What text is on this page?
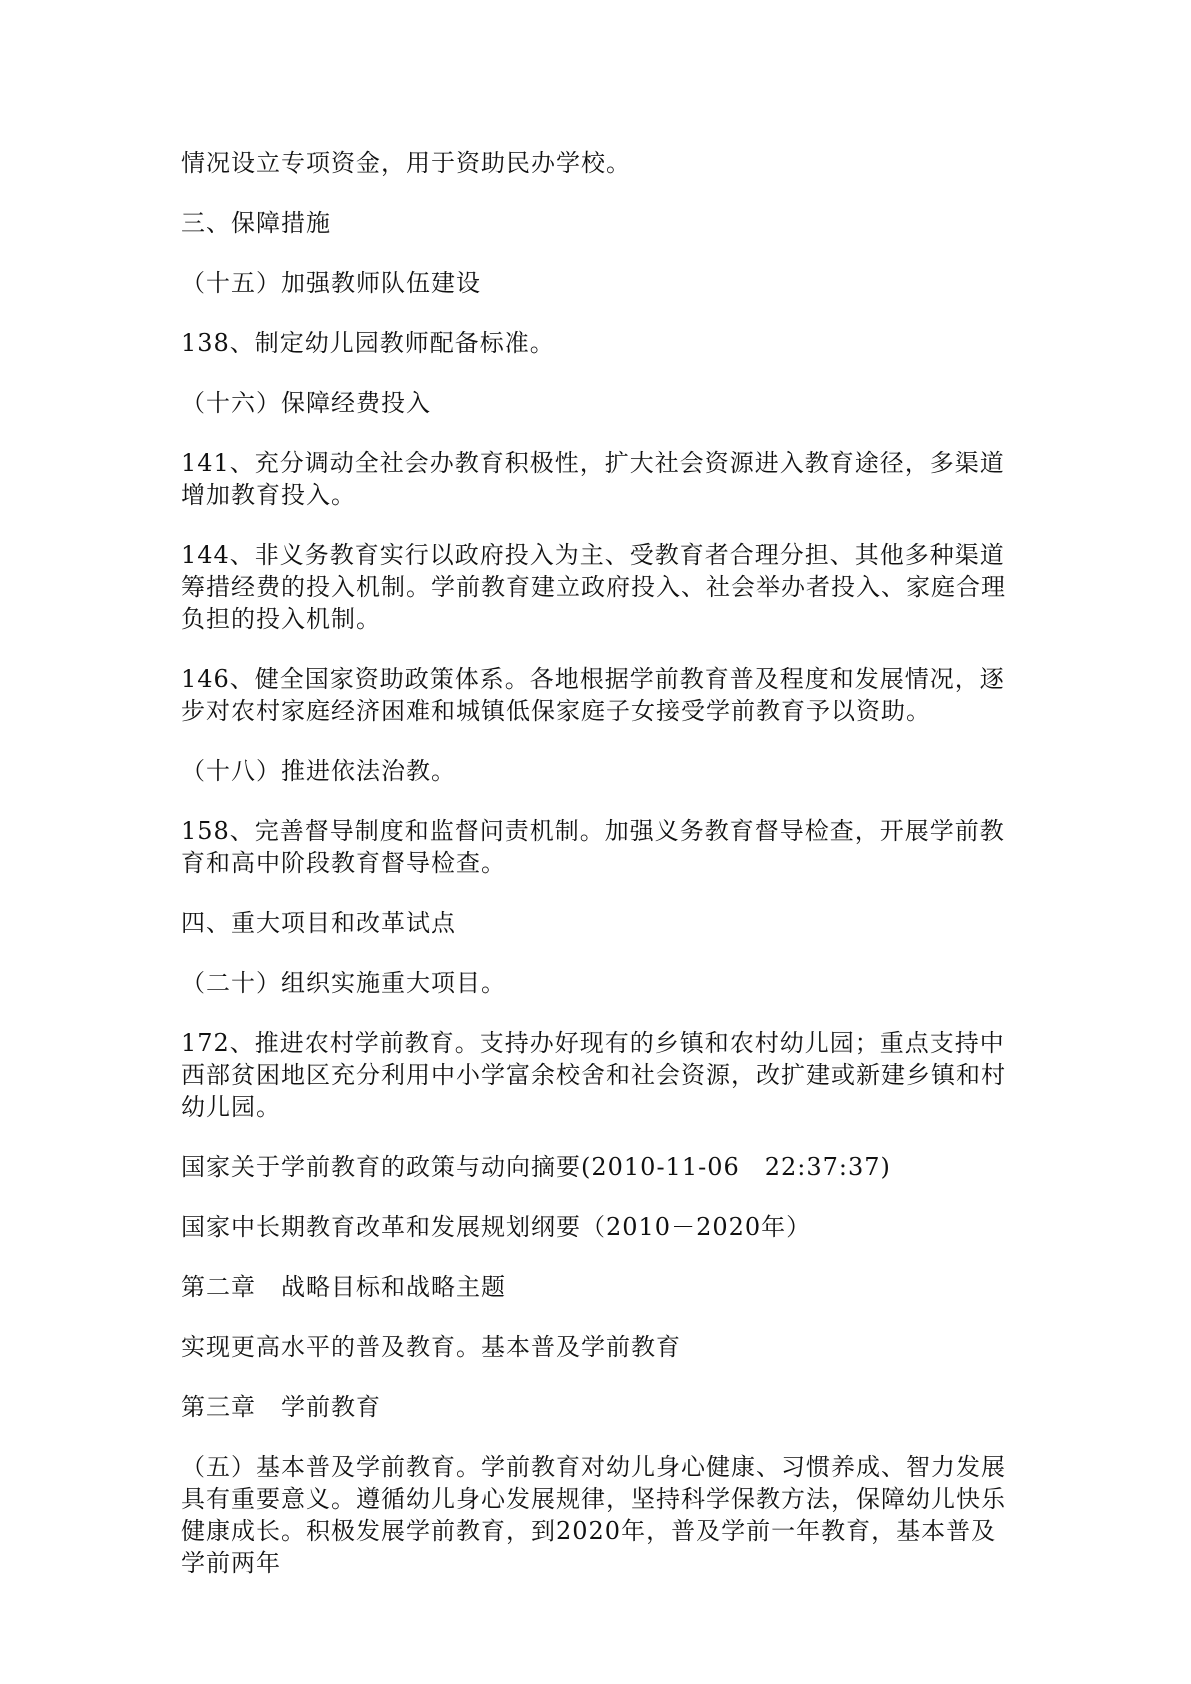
情况设立专项资金，用于资助民办学校。

三、保障措施

（十五）加强教师队伍建设

138、制定幼儿园教师配备标准。

（十六）保障经费投入

141、充分调动全社会办教育积极性，扩大社会资源进入教育途径，多渠道增加教育投入。

144、非义务教育实行以政府投入为主、受教育者合理分担、其他多种渠道筹措经费的投入机制。学前教育建立政府投入、社会举办者投入、家庭合理负担的投入机制。

146、健全国家资助政策体系。各地根据学前教育普及程度和发展情况，逐步对农村家庭经济困难和城镇低保家庭子女接受学前教育予以资助。

（十八）推进依法治教。

158、完善督导制度和监督问责机制。加强义务教育督导检查，开展学前教育和高中阶段教育督导检查。

四、重大项目和改革试点

（二十）组织实施重大项目。

172、推进农村学前教育。支持办好现有的乡镇和农村幼儿园；重点支持中西部贫困地区充分利用中小学富余校舍和社会资源，改扩建或新建乡镇和村幼儿园。

国家关于学前教育的政策与动向摘要(2010-11-06　22:37:37)

国家中长期教育改革和发展规划纲要（2010－2020年）

第二章　战略目标和战略主题

实现更高水平的普及教育。基本普及学前教育

第三章　学前教育

（五）基本普及学前教育。学前教育对幼儿身心健康、习惯养成、智力发展具有重要意义。遵循幼儿身心发展规律，坚持科学保教方法，保障幼儿快乐健康成长。积极发展学前教育，到2020年，普及学前一年教育，基本普及学前两年
